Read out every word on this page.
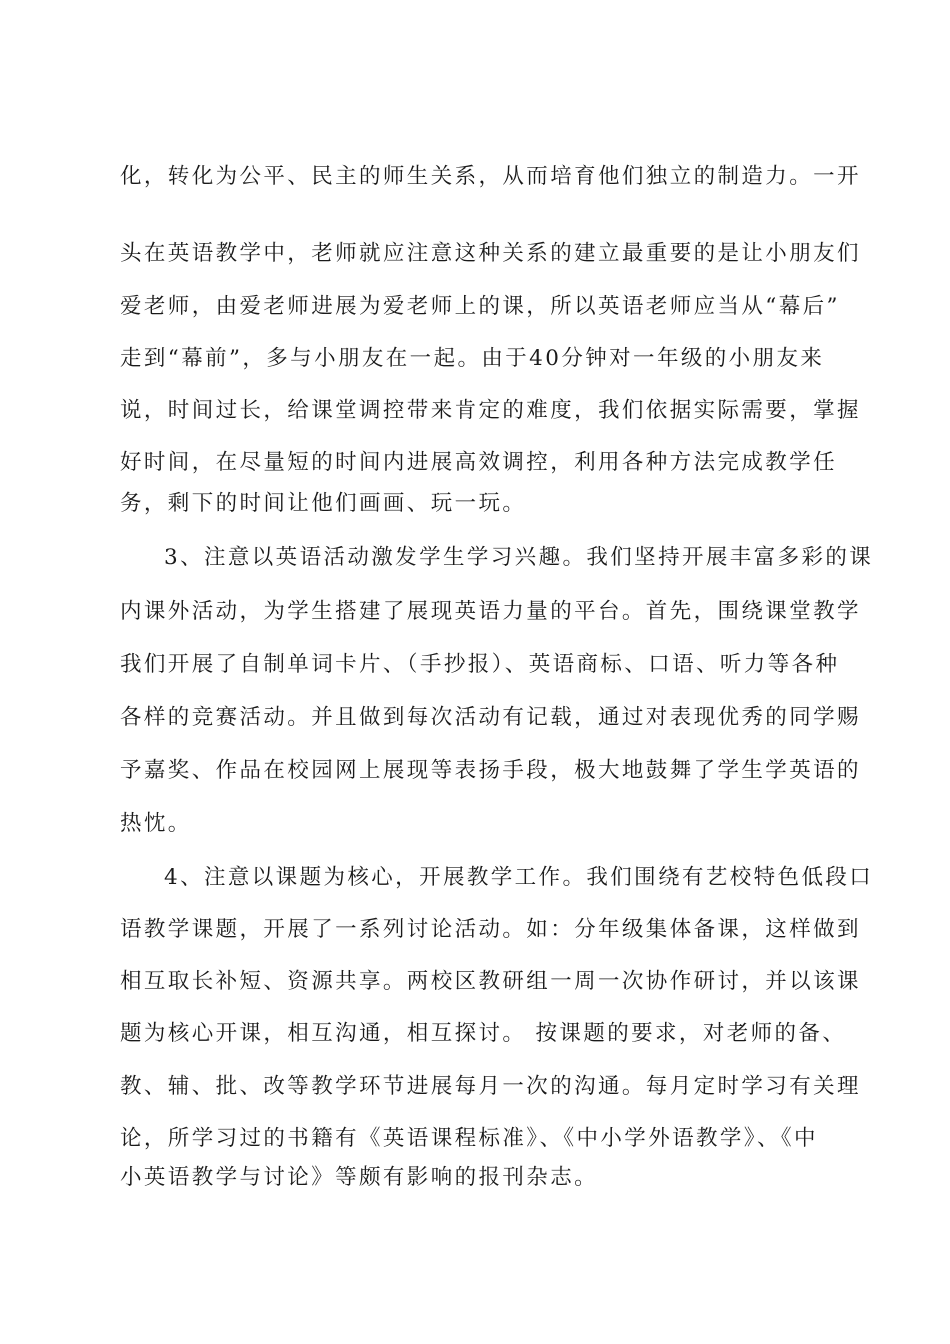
化，转化为公平、民主的师生关系，从而培育他们独立的制造力。一开
头在英语教学中，老师就应注意这种关系的建立最重要的是让小朋友们
爱老师，由爱老师进展为爱老师上的课，所以英语老师应当从“幕后”
走到“幕前”，多与小朋友在一起。由于40分钟对一年级的小朋友来
说，时间过长，给课堂调控带来肯定的难度，我们依据实际需要，掌握
好时间，在尽量短的时间内进展高效调控，利用各种方法完成教学任
务，剩下的时间让他们画画、玩一玩。
3、注意以英语活动激发学生学习兴趣。我们坚持开展丰富多彩的课
内课外活动，为学生搭建了展现英语力量的平台。首先，围绕课堂教学
我们开展了自制单词卡片、（手抄报）、英语商标、口语、听力等各种
各样的竞赛活动。并且做到每次活动有记载，通过对表现优秀的同学赐
予嘉奖、作品在校园网上展现等表扬手段，极大地鼓舞了学生学英语的
热忱。
4、注意以课题为核心，开展教学工作。我们围绕有艺校特色低段口
语教学课题，开展了一系列讨论活动。如：分年级集体备课，这样做到
相互取长补短、资源共享。两校区教研组一周一次协作研讨，并以该课
题为核心开课，相互沟通，相互探讨。 按课题的要求，对老师的备、
教、辅、批、改等教学环节进展每月一次的沟通。每月定时学习有关理
论，所学习过的书籍有《英语课程标准》、《中小学外语教学》、《中
小英语教学与讨论》等颇有影响的报刊杂志。
